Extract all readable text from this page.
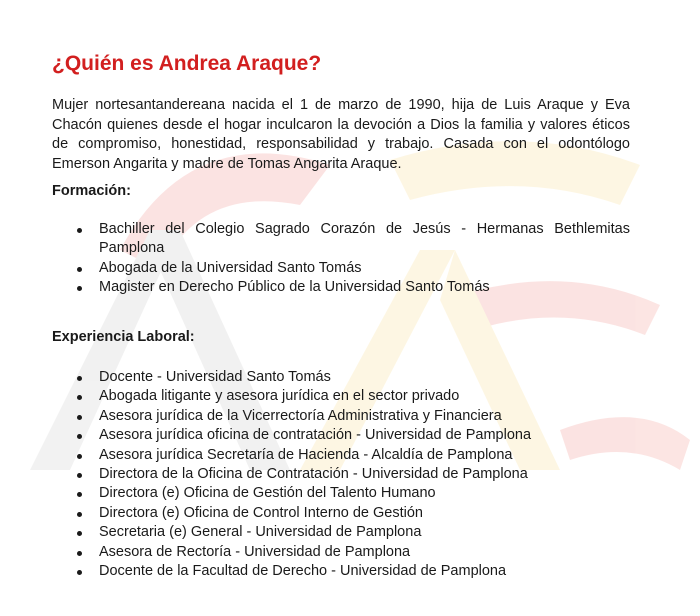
¿Quién es Andrea Araque?

Mujer nortesantandereana nacida el 1 de marzo de 1990, hija de Luis Araque y Eva Chacón quienes desde el hogar inculcaron la devoción a Dios la familia y valores éticos de compromiso, honestidad, responsabilidad y trabajo. Casada con el odontólogo Emerson Angarita y madre de Tomas Angarita Araque.

Formación:
Bachiller del Colegio Sagrado Corazón de Jesús - Hermanas Bethlemitas Pamplona
Abogada de la Universidad Santo Tomás
Magister en Derecho Público de la Universidad Santo Tomás
Experiencia Laboral:
Docente - Universidad Santo Tomás
Abogada litigante y asesora jurídica en el sector privado
Asesora jurídica de la Vicerrectoría Administrativa y Financiera
Asesora jurídica oficina de contratación - Universidad de Pamplona
Asesora jurídica Secretaría de Hacienda - Alcaldía de Pamplona
Directora de la Oficina de Contratación - Universidad de Pamplona
Directora (e) Oficina de Gestión del Talento Humano
Directora (e) Oficina de Control Interno de Gestión
Secretaria (e) General - Universidad de Pamplona
Asesora de Rectoría - Universidad de Pamplona
Docente de la Facultad de Derecho - Universidad de Pamplona
